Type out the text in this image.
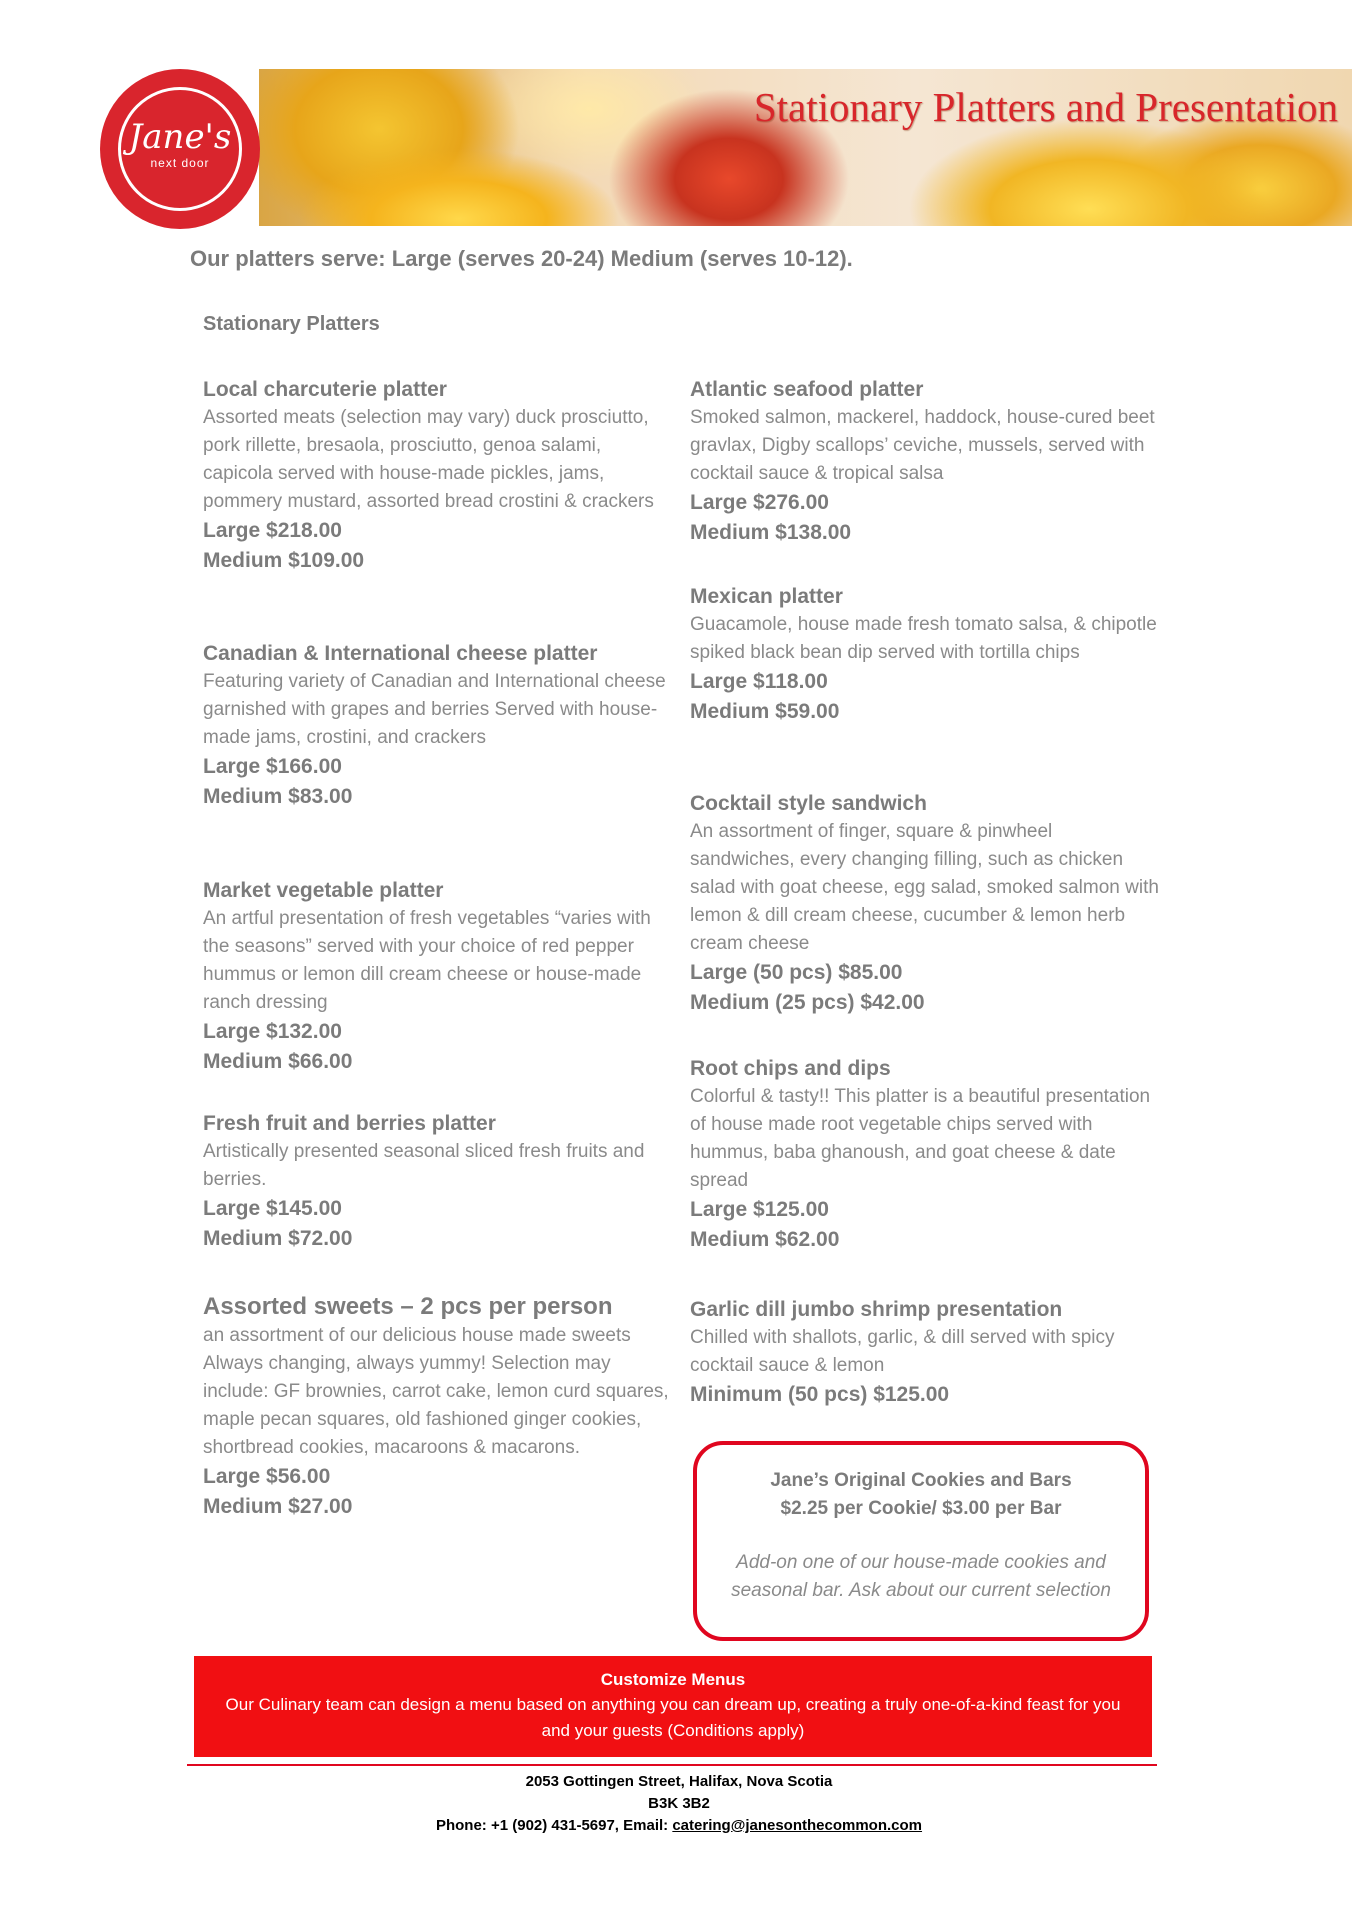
Jane's
next door
Stationary Platters and Presentation
Our platters serve: Large (serves 20-24) Medium (serves 10-12).
Stationary Platters
Local charcuterie platter
Assorted meats (selection may vary) duck prosciutto, pork rillette, bresaola, prosciutto, genoa salami, capicola served with house-made pickles, jams, pommery mustard, assorted bread crostini & crackers
Large $218.00
Medium $109.00
Canadian & International cheese platter
Featuring variety of Canadian and International cheese garnished with grapes and berries Served with house-made jams, crostini, and crackers
Large $166.00
Medium $83.00
Market vegetable platter
An artful presentation of fresh vegetables “varies with the seasons” served with your choice of red pepper hummus or lemon dill cream cheese or house-made ranch dressing
Large $132.00
Medium $66.00
Fresh fruit and berries platter
Artistically presented seasonal sliced fresh fruits and berries.
Large $145.00
Medium $72.00
Assorted sweets – 2 pcs per person
an assortment of our delicious house made sweets
Always changing, always yummy! Selection may include: GF brownies, carrot cake, lemon curd squares, maple pecan squares, old fashioned ginger cookies, shortbread cookies, macaroons & macarons.
Large $56.00
Medium $27.00
Atlantic seafood platter
Smoked salmon, mackerel, haddock, house-cured beet gravlax, Digby scallops’ ceviche, mussels, served with cocktail sauce & tropical salsa
Large $276.00
Medium $138.00
Mexican platter
Guacamole, house made fresh tomato salsa, & chipotle spiked black bean dip served with tortilla chips
Large $118.00
Medium $59.00
Cocktail style sandwich
An assortment of finger, square & pinwheel sandwiches, every changing filling, such as chicken salad with goat cheese, egg salad, smoked salmon with lemon & dill cream cheese, cucumber & lemon herb cream cheese
Large (50 pcs) $85.00
Medium (25 pcs) $42.00
Root chips and dips
Colorful & tasty!! This platter is a beautiful presentation of house made root vegetable chips served with hummus, baba ghanoush, and goat cheese & date spread
Large $125.00
Medium $62.00
Garlic dill jumbo shrimp presentation
Chilled with shallots, garlic, & dill served with spicy cocktail sauce & lemon
Minimum (50 pcs) $125.00
Jane’s Original Cookies and Bars
$2.25 per Cookie/ $3.00 per Bar
Add-on one of our house-made cookies and seasonal bar. Ask about our current selection
Customize Menus
Our Culinary team can design a menu based on anything you can dream up, creating a truly one-of-a-kind feast for you and your guests (Conditions apply)
2053 Gottingen Street, Halifax, Nova Scotia
B3K 3B2
Phone: +1 (902) 431-5697, Email: catering@janesonthecommon.com
